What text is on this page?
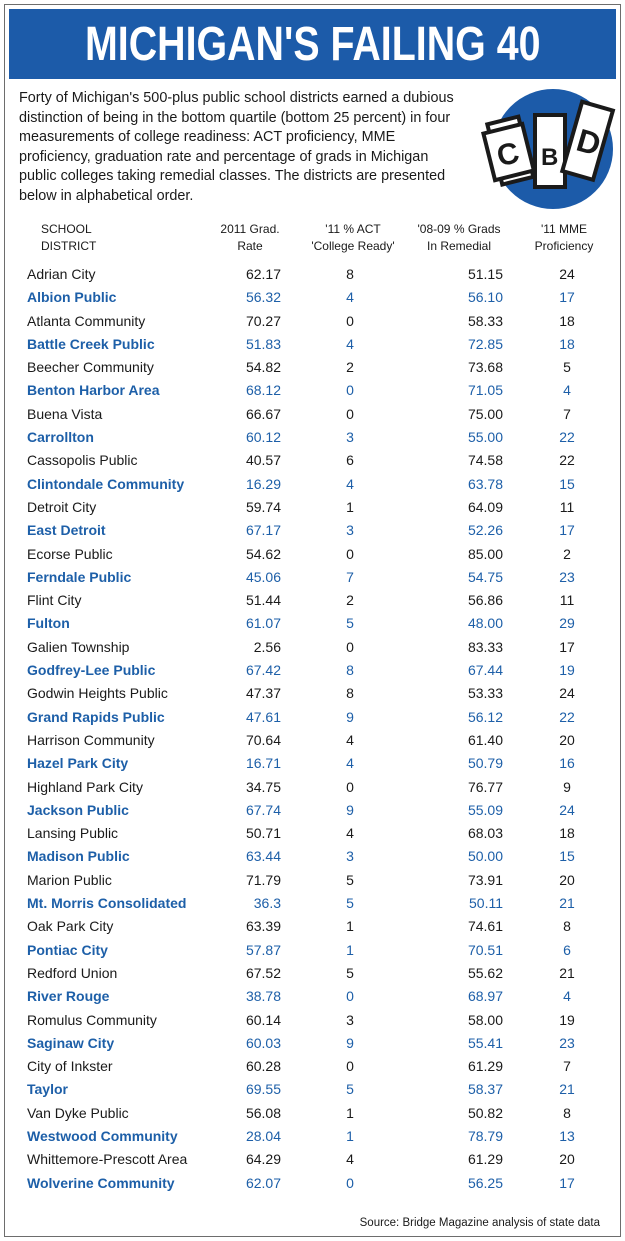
MICHIGAN'S FAILING 40

Forty of Michigan's 500-plus public school districts earned a dubious distinction of being in the bottom quartile (bottom 25 percent) in four measurements of college readiness: ACT proficiency, MME proficiency, graduation rate and percentage of grads in Michigan public colleges taking remedial classes. The districts are presented below in alphabetical order.

C B D
SCHOOL
DISTRICT
2011 Grad.
Rate
'11 % ACT
'College Ready'
'08-09 % Grads
In Remedial
'11 MME
Proficiency
Adrian City	62.17	8	51.15	24
Albion Public	56.32	4	56.10	17
Atlanta Community	70.27	0	58.33	18
Battle Creek Public	51.83	4	72.85	18
Beecher Community	54.82	2	73.68	5
Benton Harbor Area	68.12	0	71.05	4
Buena Vista	66.67	0	75.00	7
Carrollton	60.12	3	55.00	22
Cassopolis Public	40.57	6	74.58	22
Clintondale Community	16.29	4	63.78	15
Detroit City	59.74	1	64.09	11
East Detroit	67.17	3	52.26	17
Ecorse Public	54.62	0	85.00	2
Ferndale Public	45.06	7	54.75	23
Flint City	51.44	2	56.86	11
Fulton	61.07	5	48.00	29
Galien Township	2.56	0	83.33	17
Godfrey-Lee Public	67.42	8	67.44	19
Godwin Heights Public	47.37	8	53.33	24
Grand Rapids Public	47.61	9	56.12	22
Harrison Community	70.64	4	61.40	20
Hazel Park City	16.71	4	50.79	16
Highland Park City	34.75	0	76.77	9
Jackson Public	67.74	9	55.09	24
Lansing Public	50.71	4	68.03	18
Madison Public	63.44	3	50.00	15
Marion Public	71.79	5	73.91	20
Mt. Morris Consolidated	36.3	5	50.11	21
Oak Park City	63.39	1	74.61	8
Pontiac City	57.87	1	70.51	6
Redford Union	67.52	5	55.62	21
River Rouge	38.78	0	68.97	4
Romulus Community	60.14	3	58.00	19
Saginaw City	60.03	9	55.41	23
City of Inkster	60.28	0	61.29	7
Taylor	69.55	5	58.37	21
Van Dyke Public	56.08	1	50.82	8
Westwood Community	28.04	1	78.79	13
Whittemore-Prescott Area	64.29	4	61.29	20
Wolverine Community	62.07	0	56.25	17
Source: Bridge Magazine analysis of state data
